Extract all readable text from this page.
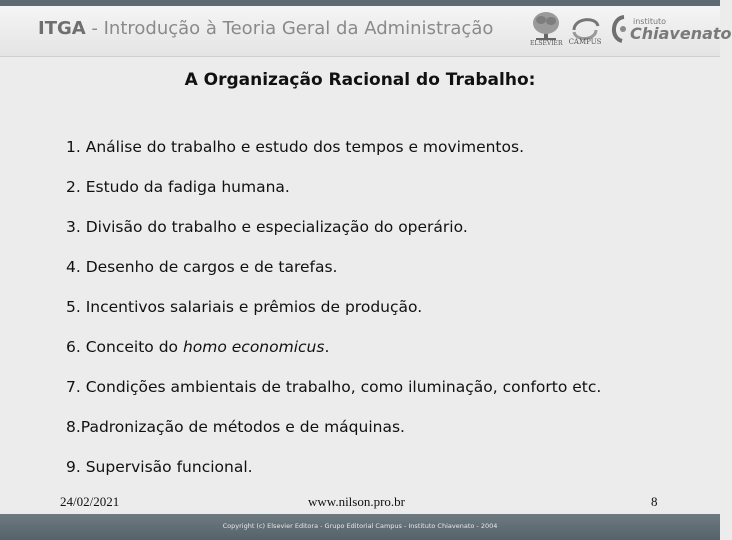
ITGA - Introdução à Teoria Geral da Administração
ELSEVIER CAMPUS
instituto
Chiavenato
A Organização Racional do Trabalho:
1. Análise do trabalho e estudo dos tempos e movimentos.
2. Estudo da fadiga humana.
3. Divisão do trabalho e especialização do operário.
4. Desenho de cargos e de tarefas.
5. Incentivos salariais e prêmios de produção.
6. Conceito do homo economicus.
7. Condições ambientais de trabalho, como iluminação, conforto etc.
8.Padronização de métodos e de máquinas.
9. Supervisão funcional.
24/02/2021	www.nilson.pro.br	8
Copyright (c) Elsevier Editora - Grupo Editorial Campus - Instituto Chiavenato - 2004
